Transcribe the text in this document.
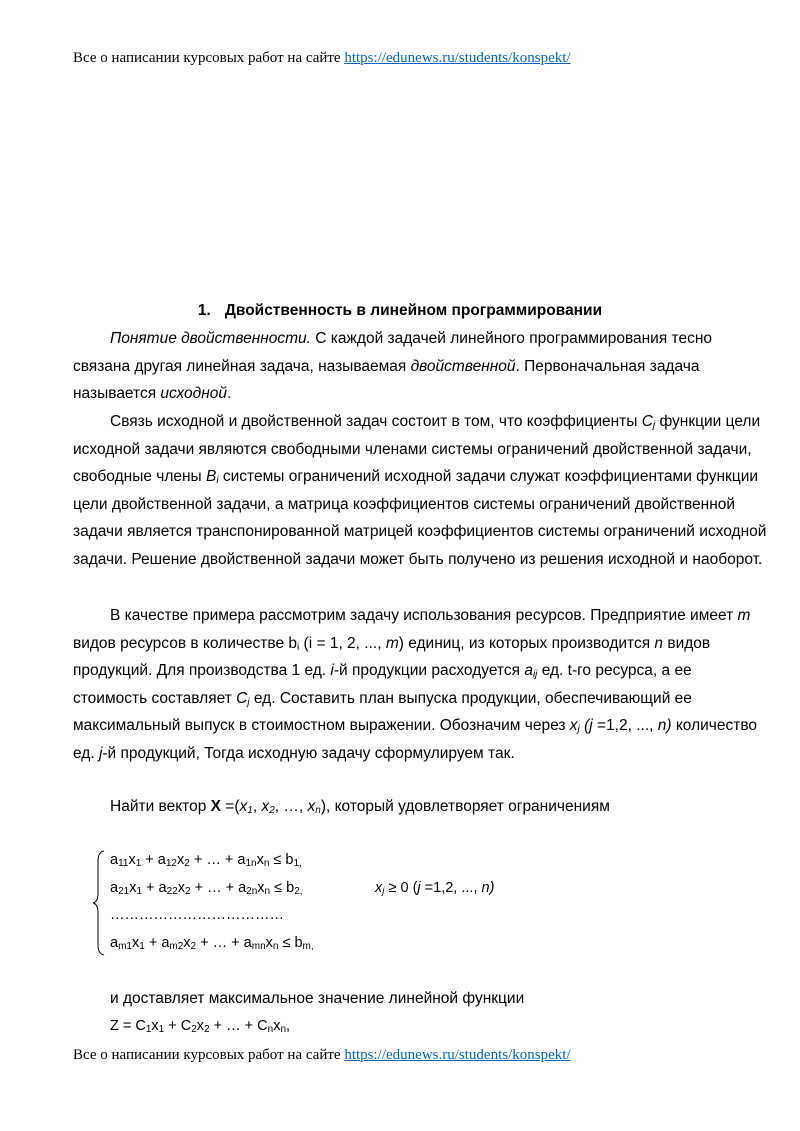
Все о написании курсовых работ на сайте https://edunews.ru/students/konspekt/
1. Двойственность в линейном программировании

Понятие двойственности. С каждой задачей линейного программирования тесно связана другая линейная задача, называемая двойственной. Первоначальная задача называется исходной.

Связь исходной и двойственной задач состоит в том, что коэффициенты $C_j$ функции цели исходной задачи являются свободными членами системы ограничений двойственной задачи, свободные члены $B_i$ системы ограничений исходной задачи служат коэффициентами функции цели двойственной задачи, а матрица коэффициентов системы ограничений двойственной задачи является транспонированной матрицей коэффициентов системы ограничений исходной задачи. Решение двойственной задачи может быть получено из решения исходной и наоборот.

В качестве примера рассмотрим задачу использования ресурсов. Предприятие имеет m видов ресурсов в количестве $b_i$ (i = 1, 2, ..., m) единиц, из которых производится n видов продукций. Для производства 1 ед. i-й продукции расходуется $a_{ij}$ ед. t-го ресурса, а ее стоимость составляет $C_j$ ед. Составить план выпуска продукции, обеспечивающий ее максимальный выпуск в стоимостном выражении. Обозначим через $x_j$ (j =1,2, ..., n) количество ед. j-й продукций, Тогда исходную задачу сформулируем так.

Найти вектор $X =(x_1$, $x_2$, …, $x_n$), который удовлетворяет ограничениям
$a_{11}x_1 + a_{12}x_2$ + … + $a_{1n}x_n \le b_{1,}$
$a_{21}x_1 + a_{22}x_2$ + … + $a_{2n}x_n \le b_{2,}$
………………………………
$a_{m1}x_1 + a_{m2}x_2$ + … + $a_{mn}x_n \le b_{m,}$
$x_j \ge 0$ (j =1,2, ..., n)
и доставляет максимальное значение линейной функции
$Z = C_1x_1 + C_2x_2$ + … + $C_nx_n$,
Все о написании курсовых работ на сайте https://edunews.ru/students/konspekt/
